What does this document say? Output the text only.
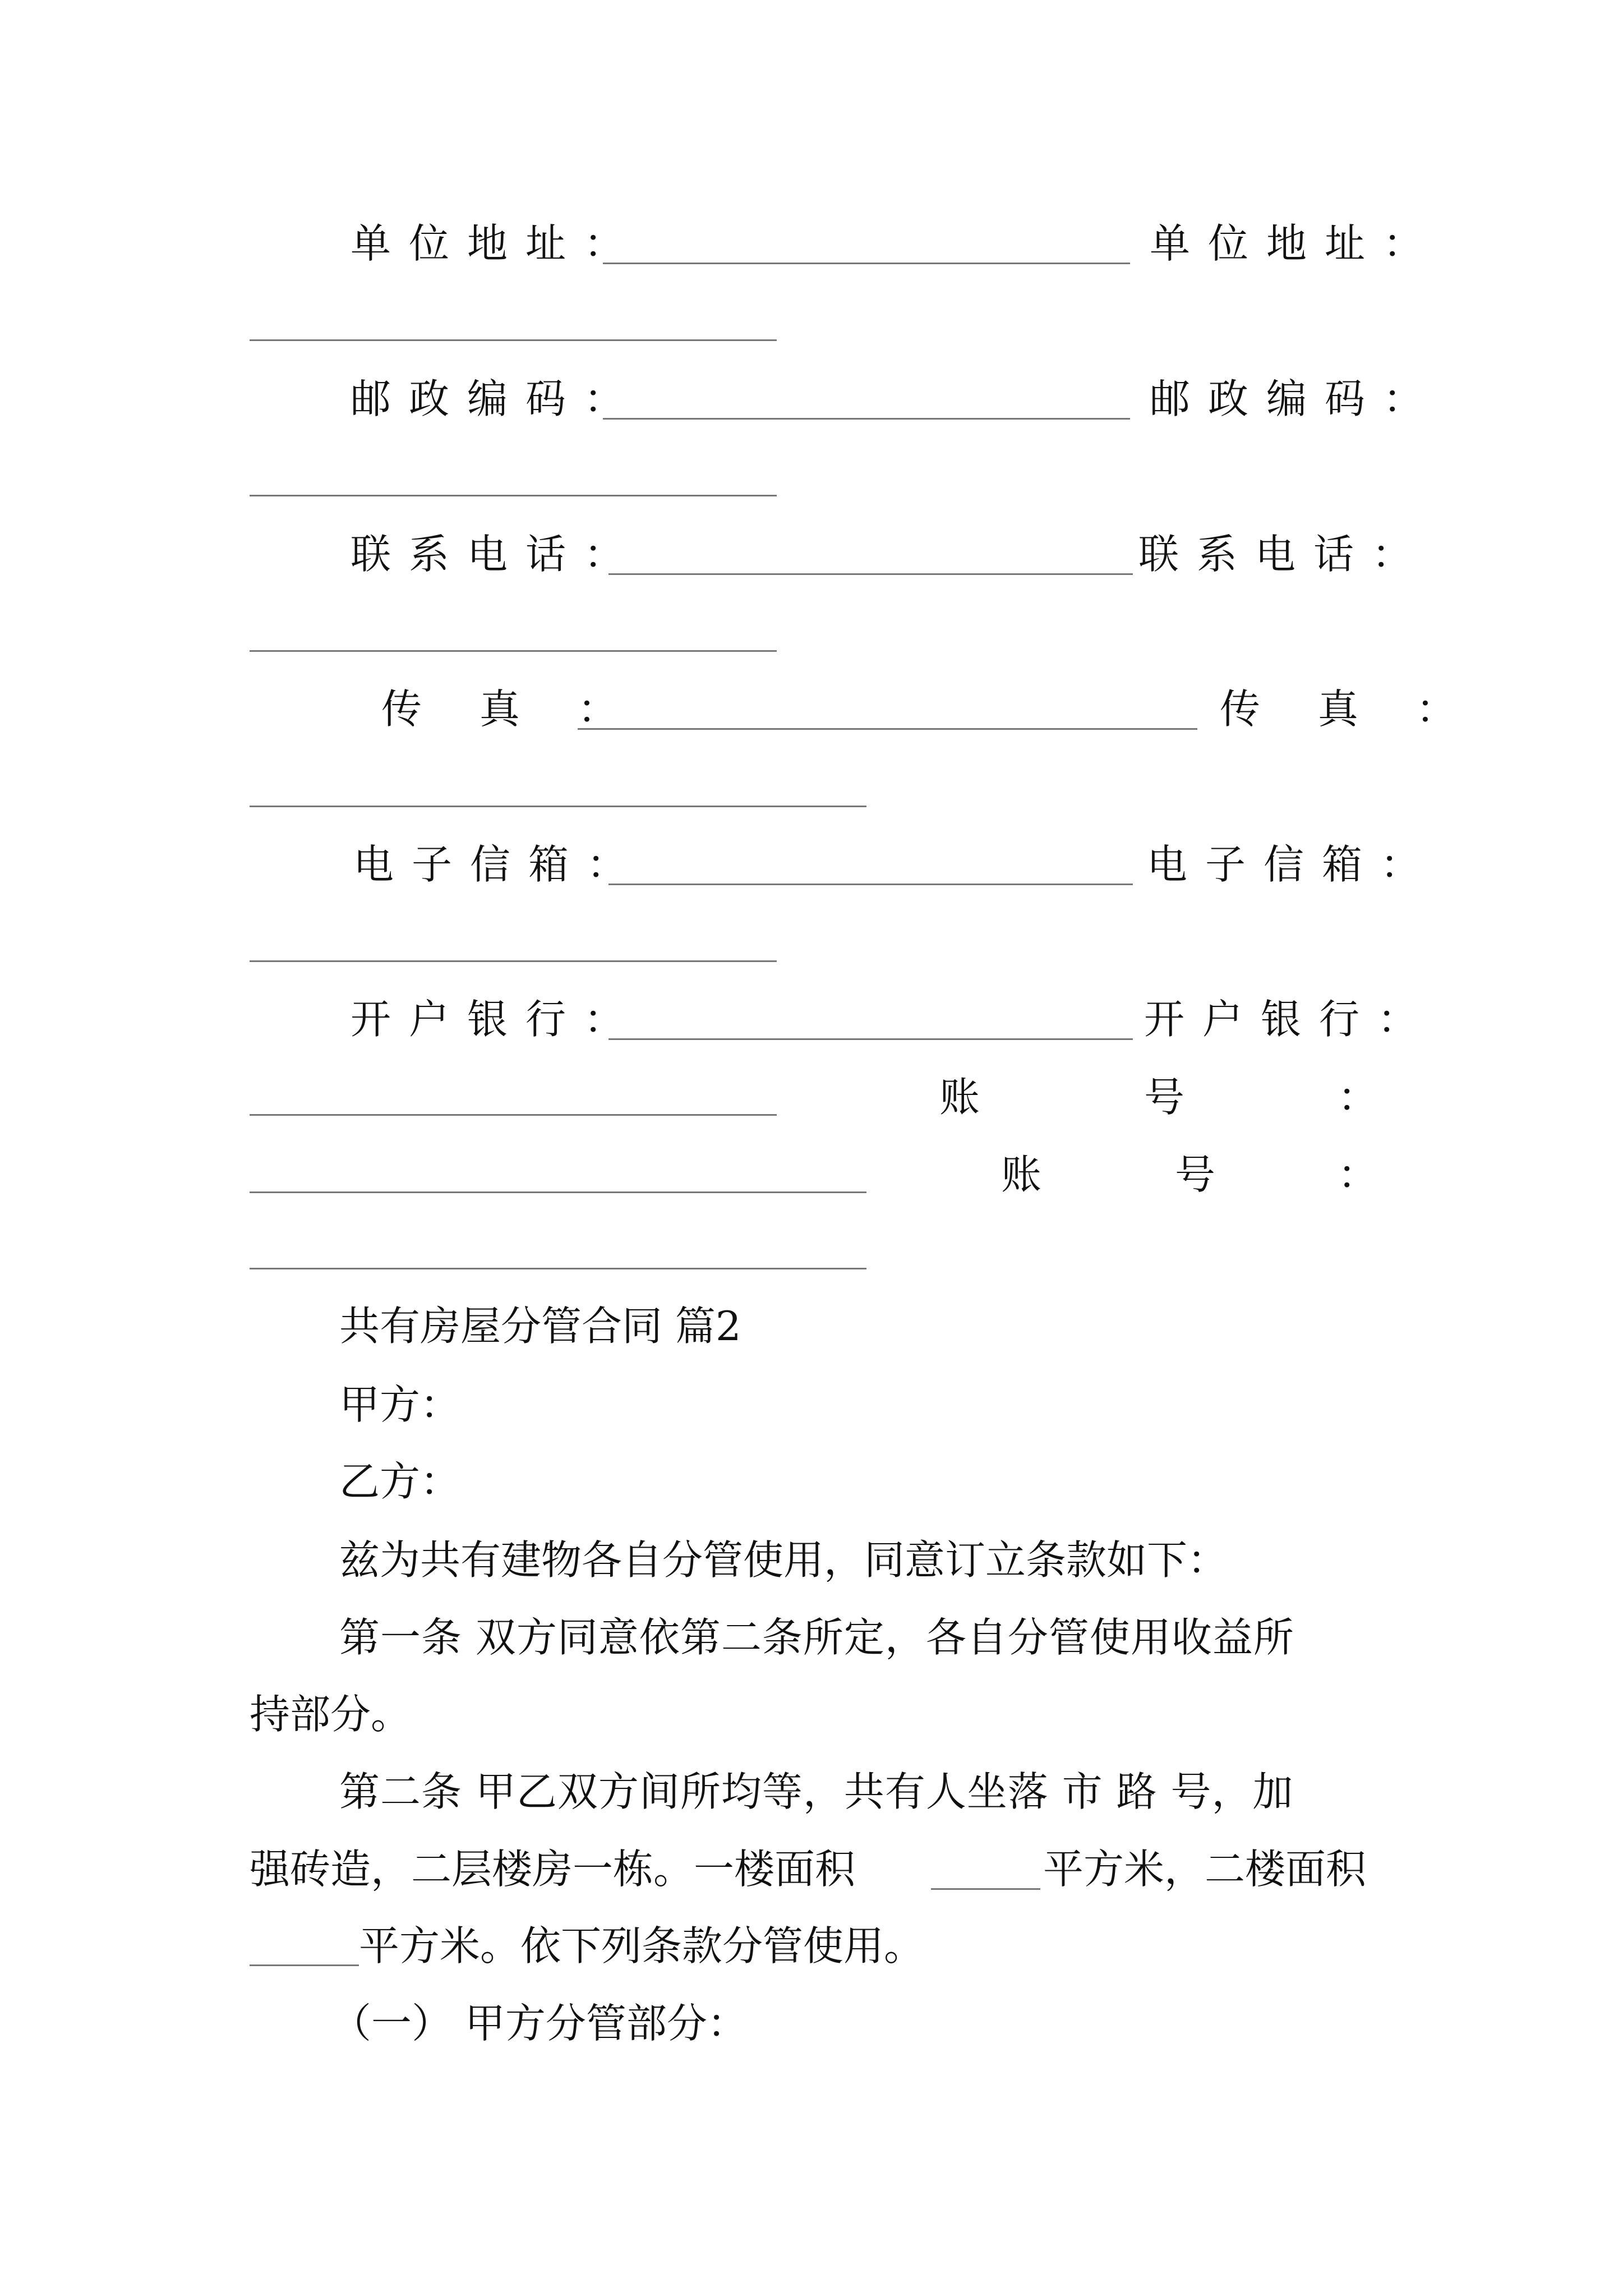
单位地址：	单位地址：
邮政编码：	邮政编码：
联系电话：	联系电话：
传 真 ：	传 真 ：
电子信箱：	电子信箱：
开户银行：	开户银行：
账	号	：
账	号	：
共有房屋分管合同 篇2
甲方：
乙方：
兹为共有建物各自分管使用，同意订立条款如下：
第一条 双方同意依第二条所定，各自分管使用收益所
持部分。
第二条 甲乙双方间所均等，共有人坐落 市 路 号，加
强砖造，二层楼房一栋。一楼面积	平方米，二楼面积
平方米。依下列条款分管使用。
（一） 甲方分管部分：
